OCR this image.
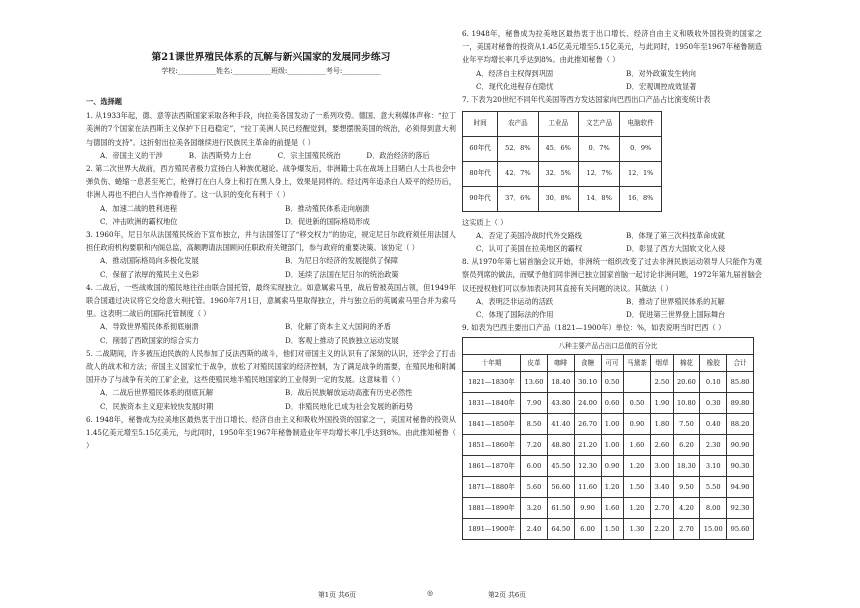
第21课世界殖民体系的瓦解与新兴国家的发展同步练习
学校:___________姓名:___________班级:___________考号:___________
一、选择题

1. 从1933年起，德、意等法西斯国家采取各种手段，向拉美各国发动了一系列攻势。德国、意大利媒体声称：“拉丁美洲的7个国家在法西斯主义保护下日趋稳定”，“拉丁美洲人民已经醒觉到，要想摆脱美国的统治，必须得到意大利与德国的支持”。这折射出拉美各国继续进行民族民主革命的前提是（ ）

A．帝国主义的干涉	B．法西斯势力上台	C．宗主国殖民统治	D．政治经济的落后

2. 第二次世界大战前，西方殖民者极力宣扬白人种族优越论。战争爆发后，非洲籍士兵在战场上目睹白人士兵也会中弹负伤、蜷缩一息甚至死亡，枪弹打在白人身上和打在黑人身上，效果是同样的。经过两年追杀白人殴平的经历后，非洲人再也不把白人当作神看待了。这一认识的变化有利于（ ）

A．加速二战的胜利进程	B．推动殖民体系走向崩溃
C．冲击欧洲的霸权地位	D．促进新的国际格局形成

3. 1960年，尼日尔从法国殖民统治下宣布独立，并与法国签订了“移交权力”的协定，规定尼日尔政府须任用法国人担任政府机构要职和内阁总监，高额聘请法国顾问任职政府关键部门，参与政府的重要决策。该协定（ ）

A．推动国际格局向多极化发展	B．为尼日尔经济的发展提供了保障
C．保留了浓厚的殖民主义色彩	D．延续了法国在尼日尔的统治政策

4. 二战后，一些战败国的殖民地往往由联合国托管，最终实现独立。如意属索马里，战后曾被英国占领，但1949年联合国通过决议将它交给意大利托管。1960年7月1日，意属索马里取得独立，并与独立后的英属索马里合并为索马里。这表明二战后的国际托管制度（ ）

A．导致世界殖民体系彻底崩溃	B．化解了资本主义大国间的矛盾
C．削弱了西欧国家的综合实力	D．客观上推动了民族独立运动发展

5. 二战期间，许多被压迫民族的人民参加了反法西斯的战斗，他们对帝国主义的认识有了深刻的认识，还学会了打击敌人的战术和方法；帝国主义国家忙于战争，放松了对殖民国家的经济控制，为了满足战争的需要，在殖民地和附属国开办了与战争有关的工矿企业，这些使殖民地半殖民地国家的工业得到一定的发展。这意味着（ ）

A．二战后世界殖民体系的彻底瓦解	B．战后民族解放运动高涨有历史必然性
C．民族资本主义迎来较快发展时期	D．非殖民地化已成为社会发展的新趋势

6. 1948年，秘鲁成为拉美地区最热衷于出口增长、经济自由主义和吸收外国投资的国家之一，美国对秘鲁的投资从1.45亿美元增至5.15亿美元，与此同时，1950年至1967年秘鲁制造业年平均增长率几乎达到8%。由此推知秘鲁（ ）

6. 1948年，秘鲁成为拉美地区最热衷于出口增长、经济自由主义和吸收外国投资的国家之一，美国对秘鲁的投资从1.45亿美元增至5.15亿美元，与此同时，1950年至1967年秘鲁制造业年平均增长率几乎达到8%。由此推知秘鲁（ ）

A．经济自主权得到巩固	B．对外政策发生转向
C．现代化进程存在隐忧	D．宏观调控成效显著

7. 下表为20世纪不同年代美国等西方发达国家向巴西出口产品占比演变统计表

时间	农产品	工业品	文艺产品	电脑软件
60年代	52．8%	45．6%	0．7%	0．9%
80年代	42．7%	32．5%	12．7%	12．1%
90年代	37．6%	30．8%	14．8%	16．8%

这实质上（ ）

A．否定了美国冷战时代外交路线	B．体现了第三次科技革命成就
C．认可了美国在拉美地区的霸权	D．彰显了西方大国软文化入侵

8. 从1970年第七届首脑会议开始，非洲统一组织改变了过去非洲民族运动领导人只能作为观察员列席的做法，而赋予他们同非洲已独立国家首脑一起讨论非洲问题，1972年第九届首脑会议还授权他们可以参加表决同其直接有关问题的决议。其做法（ ）

A．表明泛非运动的活跃	B．推动了世界殖民体系的瓦解
C．体现了国际法的作用	D．促进第三世界登上国际舞台

9. 如表为巴西主要出口产品（1821—1900年）单位：%，如表说明当时巴西（ ）

八种主要产品占出口总值的百分比									
十年期	皮革	咖啡	食糖	可可	马黛茶	烟草	棉花	橡胶	合计
1821—1830年	13.60	18.40	30.10	0.50		2.50	20.60	0.10	85.80
1831—1840年	7.90	43.80	24.00	0.60	0.50	1.90	10.80	0.30	89.80
1841—1850年	8.50	41.40	26.70	1.00	0.90	1.80	7.50	0.40	88.20
1851—1860年	7.20	48.80	21.20	1.00	1.60	2.60	6.20	2.30	90.90
1861—1870年	6.00	45.50	12.30	0.90	1.20	3.00	18.30	3.10	90.30
1871—1880年	5.60	56.60	11.60	1.20	1.50	3.40	9.50	5.50	94.90
1881—1890年	3.20	61.50	9.90	1.60	1.20	2.70	4.20	8.00	92.30
1891—1900年	2.40	64.50	6.00	1.50	1.30	2.20	2.70	15.00	95.60
第1页 共6页	◎	第2页 共6页
